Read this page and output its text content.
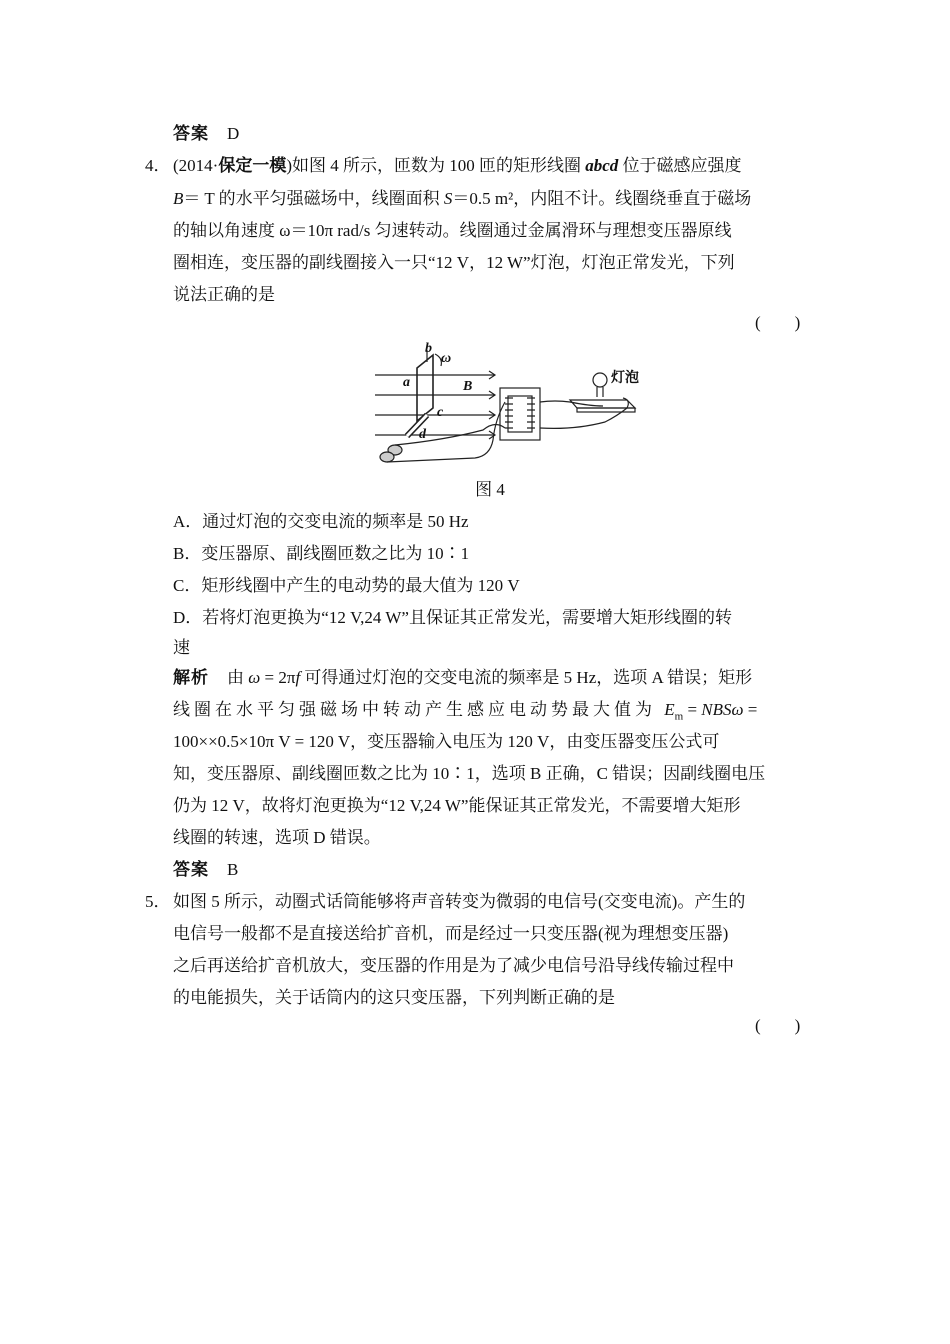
答案 D
4． (2014·保定一模)如图 4 所示，匝数为 100 匝的矩形线圈 abcd 位于磁感应强度
B＝ T 的水平匀强磁场中，线圈面积 S＝0.5 m²，内阻不计。线圈绕垂直于磁场
的轴以角速度 ω＝10π rad/s 匀速转动。线圈通过金属滑环与理想变压器原线
圈相连，变压器的副线圈接入一只“12 V，12 W”灯泡，灯泡正常发光，下列
说法正确的是
(　　)
b
ω
a	B
c
d
灯泡
图 4
A．通过灯泡的交变电流的频率是 50 Hz
B．变压器原、副线圈匝数之比为 10∶1
C．矩形线圈中产生的电动势的最大值为 120 V
D．若将灯泡更换为“12 V,24 W”且保证其正常发光，需要增大矩形线圈的转
速
解析 由 ω = 2πf 可得通过灯泡的交变电流的频率是 5 Hz，选项 A 错误；矩形
线圈在水平匀强磁场中转动产生感应电动势最大值为 $E_m = NBS\omega$ =
100××0.5×10π V = 120 V，变压器输入电压为 120 V，由变压器变压公式可
知，变压器原、副线圈匝数之比为 10∶1，选项 B 正确，C 错误；因副线圈电压
仍为 12 V，故将灯泡更换为“12 V,24 W”能保证其正常发光，不需要增大矩形
线圈的转速，选项 D 错误。
答案 B
5． 如图 5 所示，动圈式话筒能够将声音转变为微弱的电信号(交变电流)。产生的
电信号一般都不是直接送给扩音机，而是经过一只变压器(视为理想变压器)
之后再送给扩音机放大，变压器的作用是为了减少电信号沿导线传输过程中
的电能损失，关于话筒内的这只变压器，下列判断正确的是
(　　)
